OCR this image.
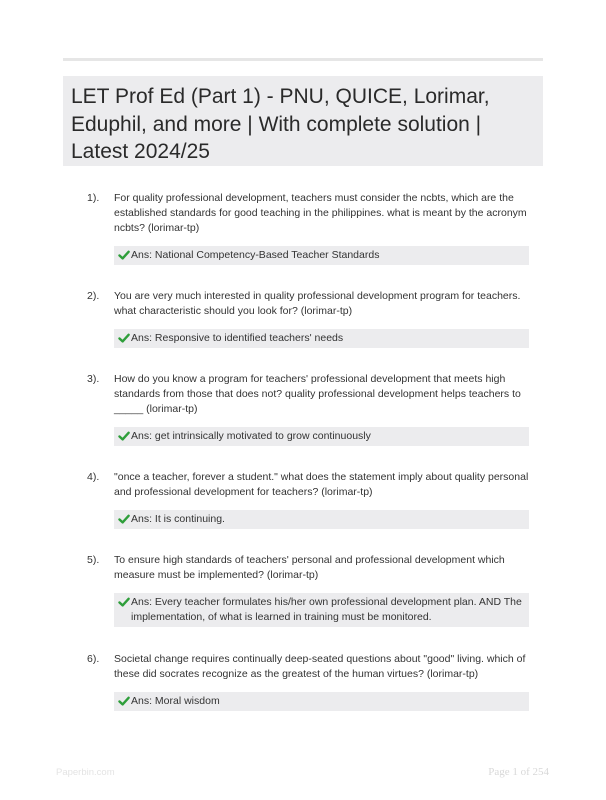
LET Prof Ed (Part 1) - PNU, QUICE, Lorimar, Eduphil, and more | With complete solution | Latest 2024/25
1). For quality professional development, teachers must consider the ncbts, which are the established standards for good teaching in the philippines. what is meant by the acronym ncbts? (lorimar-tp)
Ans: National Competency-Based Teacher Standards
2). You are very much interested in quality professional development program for teachers. what characteristic should you look for? (lorimar-tp)
Ans: Responsive to identified teachers' needs
3). How do you know a program for teachers' professional development that meets high standards from those that does not? quality professional development helps teachers to _____ (lorimar-tp)
Ans: get intrinsically motivated to grow continuously
4). "once a teacher, forever a student." what does the statement imply about quality personal and professional development for teachers? (lorimar-tp)
Ans: It is continuing.
5). To ensure high standards of teachers' personal and professional development which measure must be implemented? (lorimar-tp)
Ans: Every teacher formulates his/her own professional development plan. AND The implementation, of what is learned in training must be monitored.
6). Societal change requires continually deep-seated questions about "good" living. which of these did socrates recognize as the greatest of the human virtues? (lorimar-tp)
Ans: Moral wisdom
Paperbin.com	Page 1 of 254
